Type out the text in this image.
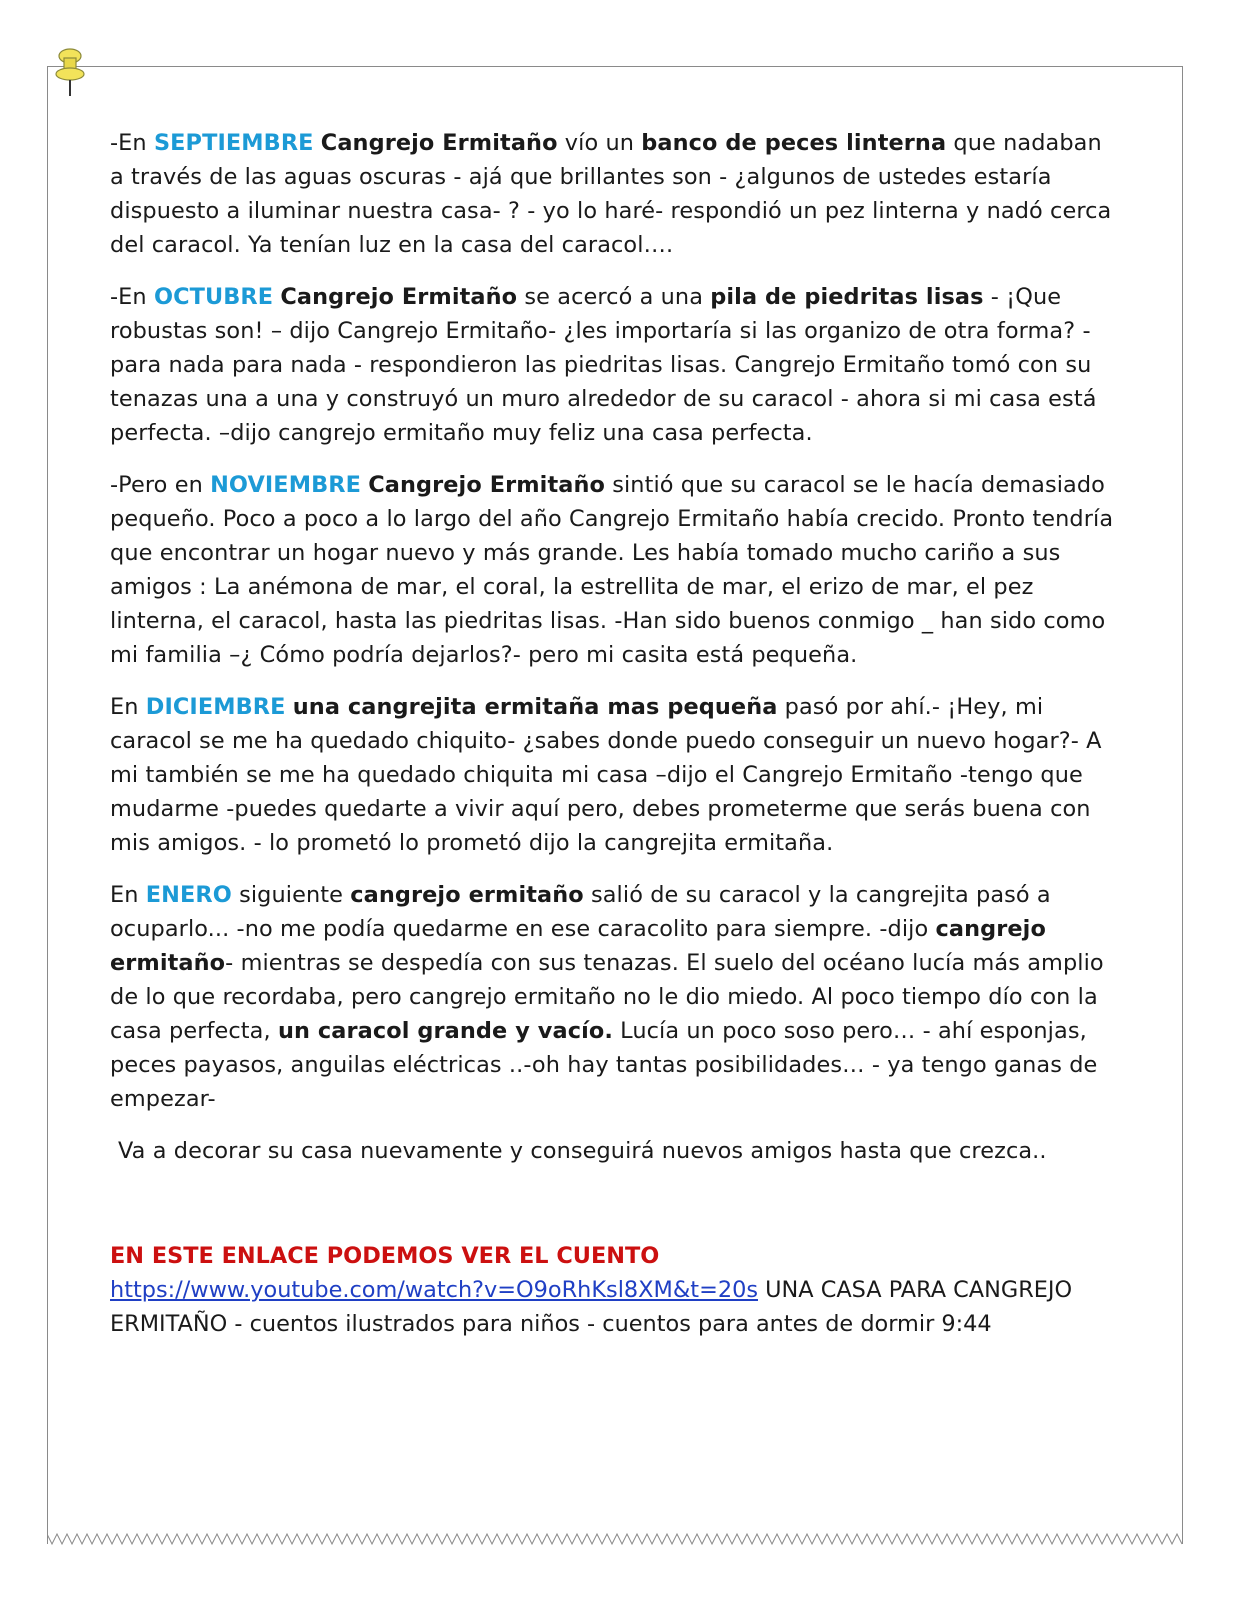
-En SEPTIEMBRE Cangrejo Ermitaño vío un banco de peces linterna que nadaban a través de las aguas oscuras - ajá que brillantes son - ¿algunos de ustedes estaría dispuesto a iluminar nuestra casa- ? - yo lo haré- respondió un pez linterna y nadó cerca del caracol. Ya tenían luz en la casa del caracol….

-En OCTUBRE Cangrejo Ermitaño se acercó a una pila de piedritas lisas - ¡Que robustas son! – dijo Cangrejo Ermitaño- ¿les importaría si las organizo de otra forma? - para nada para nada - respondieron las piedritas lisas. Cangrejo Ermitaño tomó con su tenazas una a una y construyó un muro alrededor de su caracol - ahora si mi casa está perfecta. –dijo cangrejo ermitaño muy feliz una casa perfecta.

-Pero en NOVIEMBRE Cangrejo Ermitaño sintió que su caracol se le hacía demasiado pequeño. Poco a poco a lo largo del año Cangrejo Ermitaño había crecido. Pronto tendría que encontrar un hogar nuevo y más grande. Les había tomado mucho cariño a sus amigos : La anémona de mar, el coral, la estrellita de mar, el erizo de mar, el pez linterna, el caracol, hasta las piedritas lisas. -Han sido buenos conmigo _ han sido como mi familia –¿ Cómo podría dejarlos?- pero mi casita está pequeña.

En DICIEMBRE una cangrejita ermitaña mas pequeña pasó por ahí.- ¡Hey, mi caracol se me ha quedado chiquito- ¿sabes donde puedo conseguir un nuevo hogar?- A mi también se me ha quedado chiquita mi casa –dijo el Cangrejo Ermitaño -tengo que mudarme -puedes quedarte a vivir aquí pero, debes prometerme que serás buena con mis amigos. - lo prometó lo prometó dijo la cangrejita ermitaña.

En ENERO siguiente cangrejo ermitaño salió de su caracol y la cangrejita pasó a ocuparlo... -no me podía quedarme en ese caracolito para siempre. -dijo cangrejo ermitaño- mientras se despedía con sus tenazas. El suelo del océano lucía más amplio de lo que recordaba, pero cangrejo ermitaño no le dio miedo. Al poco tiempo dío con la casa perfecta, un caracol grande y vacío. Lucía un poco soso pero… - ahí esponjas, peces payasos, anguilas eléctricas ..-oh hay tantas posibilidades… - ya tengo ganas de empezar-

Va a decorar su casa nuevamente y conseguirá nuevos amigos hasta que crezca..

EN ESTE ENLACE PODEMOS VER EL CUENTO
https://www.youtube.com/watch?v=O9oRhKsl8XM&t=20s UNA CASA PARA CANGREJO ERMITAÑO - cuentos ilustrados para niños - cuentos para antes de dormir 9:44
